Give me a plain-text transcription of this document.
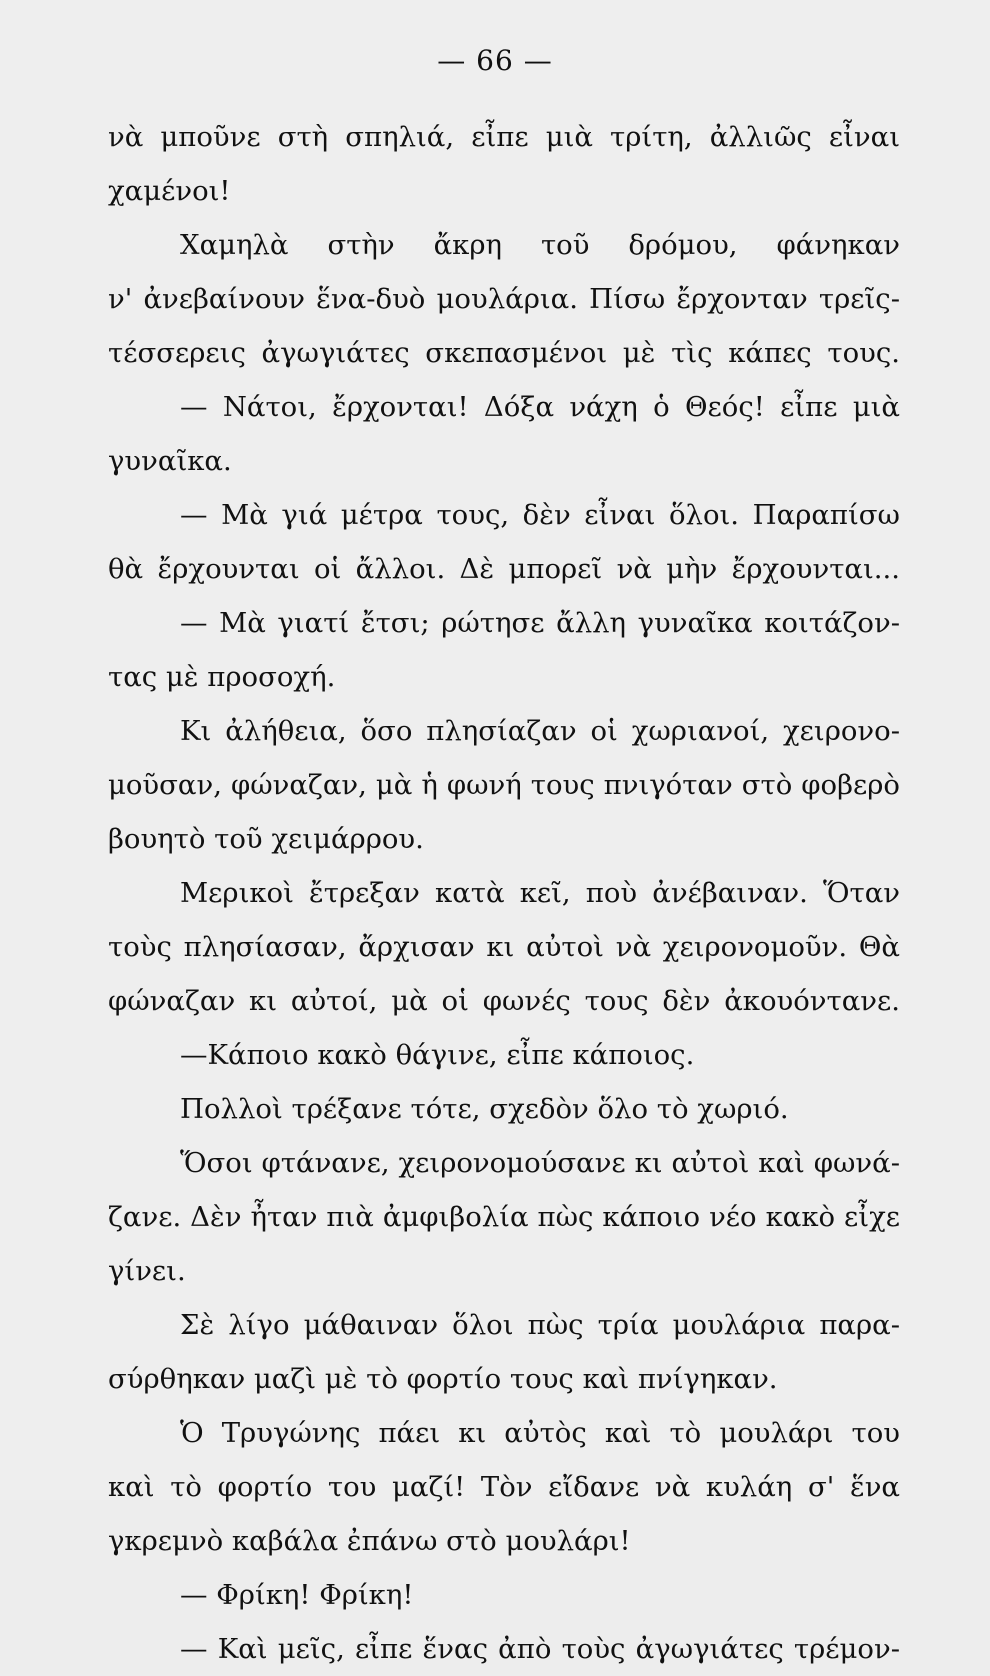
— 66 —
νὰ μποῦνε στὴ σπηλιά, εἶπε μιὰ τρίτη, ἀλλιῶς εἶναι
χαμένοι!
Χαμηλὰ στὴν ἄκρη τοῦ δρόμου, φάνηκαν
ν' ἀνεβαίνουν ἕνα-δυὸ μουλάρια. Πίσω ἔρχονταν τρεῖς-
τέσσερεις ἀγωγιάτες σκεπασμένοι μὲ τὶς κάπες τους.
— Νάτοι, ἔρχονται! Δόξα νάχη ὁ Θεός! εἶπε μιὰ
γυναῖκα.
— Μὰ γιά μέτρα τους, δὲν εἶναι ὅλοι. Παραπίσω
θὰ ἔρχουνται οἱ ἄλλοι. Δὲ μπορεῖ νὰ μὴν ἔρχουνται...
— Μὰ γιατί ἔτσι; ρώτησε ἄλλη γυναῖκα κοιτάζον-
τας μὲ προσοχή.
Κι ἀλήθεια, ὅσο πλησίαζαν οἱ χωριανοί, χειρονο-
μοῦσαν, φώναζαν, μὰ ἡ φωνή τους πνιγόταν στὸ φοβερὸ
βουητὸ τοῦ χειμάρρου.
Μερικοὶ ἔτρεξαν κατὰ κεῖ, ποὺ ἀνέβαιναν. Ὅταν
τοὺς πλησίασαν, ἄρχισαν κι αὐτοὶ νὰ χειρονομοῦν. Θὰ
φώναζαν κι αὐτοί, μὰ οἱ φωνές τους δὲν ἀκουόντανε.
—Κάποιο κακὸ θάγινε, εἶπε κάποιος.
Πολλοὶ τρέξανε τότε, σχεδὸν ὅλο τὸ χωριό.
Ὅσοι φτάνανε, χειρονομούσανε κι αὐτοὶ καὶ φωνά-
ζανε. Δὲν ἦταν πιὰ ἀμφιβολία πὼς κάποιο νέο κακὸ εἶχε
γίνει.
Σὲ λίγο μάθαιναν ὅλοι πὼς τρία μουλάρια παρα-
σύρθηκαν μαζὶ μὲ τὸ φορτίο τους καὶ πνίγηκαν.
Ὁ Τρυγώνης πάει κι αὐτὸς καὶ τὸ μουλάρι του
καὶ τὸ φορτίο του μαζί! Τὸν εἴδανε νὰ κυλάη σ' ἕνα
γκρεμνὸ καβάλα ἐπάνω στὸ μουλάρι!
— Φρίκη! Φρίκη!
— Καὶ μεῖς, εἶπε ἕνας ἀπὸ τοὺς ἀγωγιάτες τρέμον-
